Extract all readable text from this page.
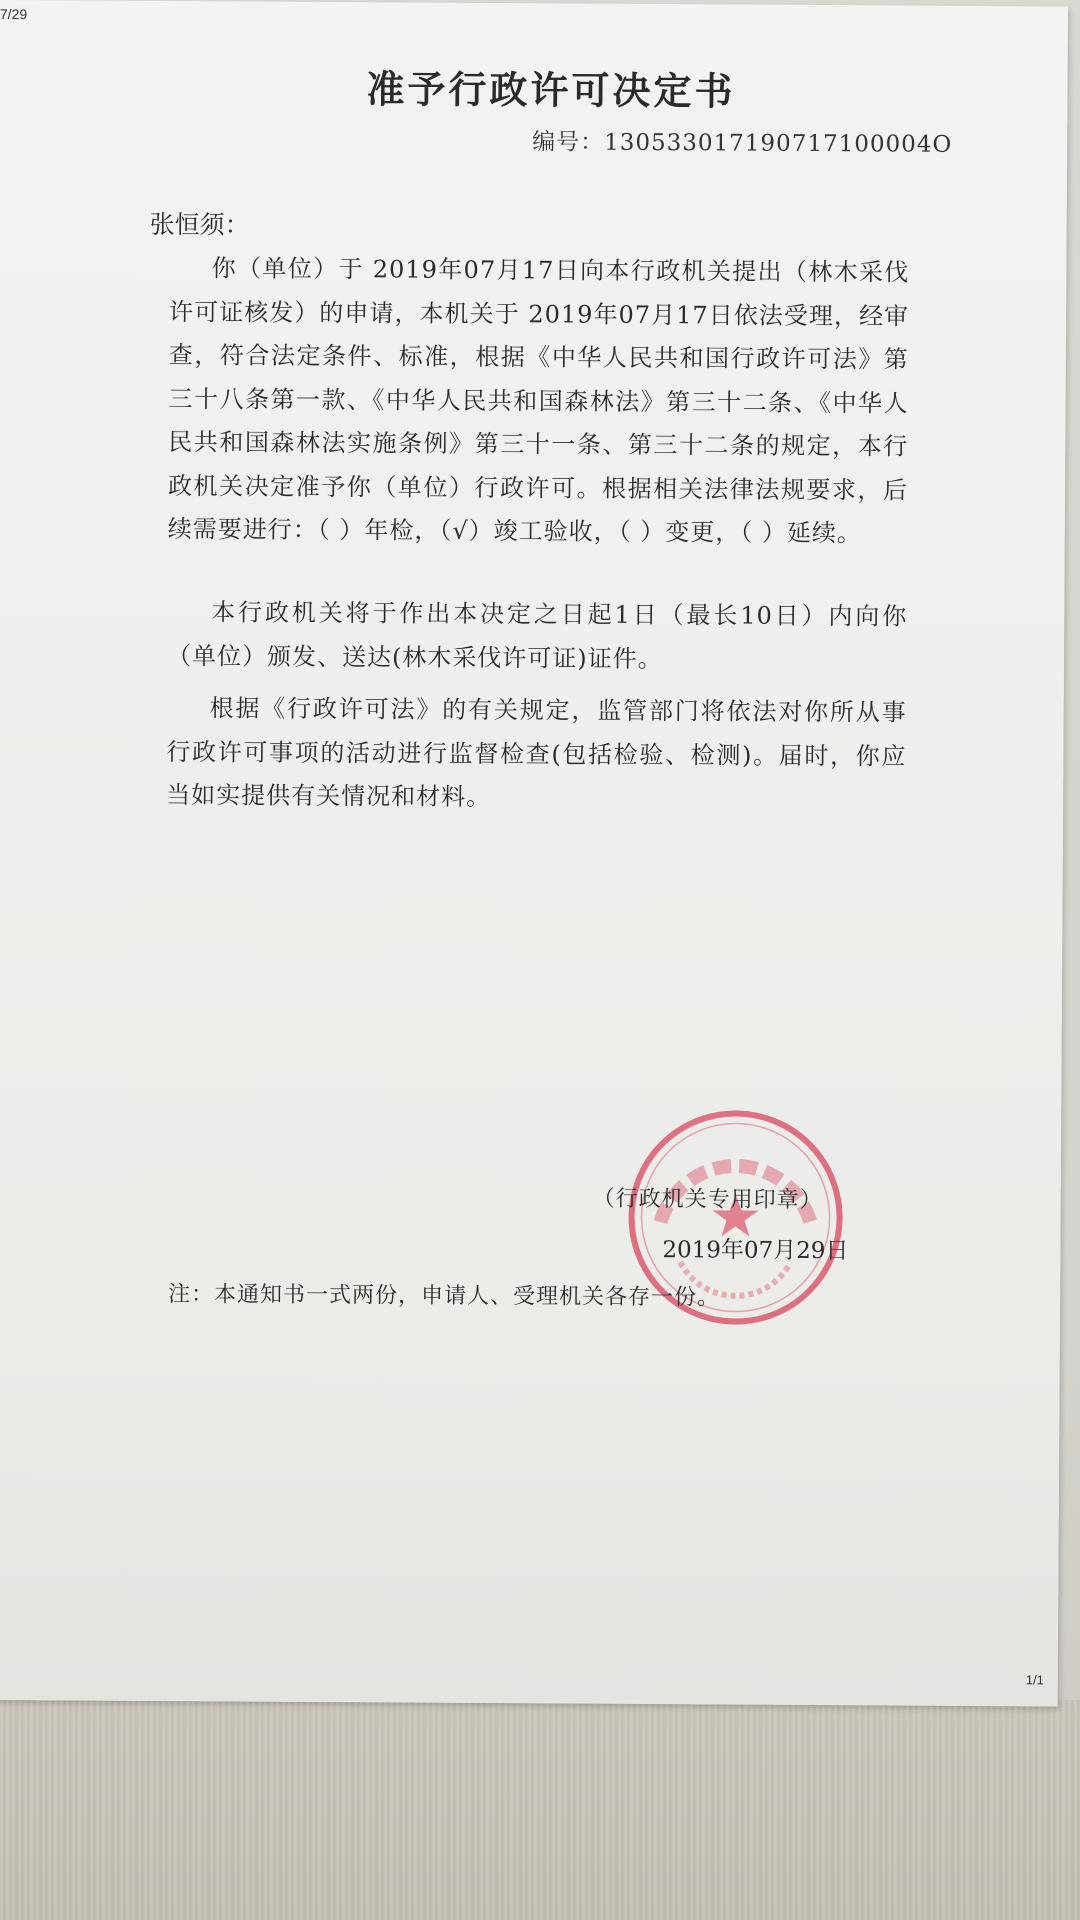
7/29
准予行政许可决定书
编号：130533017190717100004O
张恒须：

你（单位）于 2019年07月17日向本行政机关提出（林木采伐许可证核发）的申请，本机关于 2019年07月17日依法受理，经审查，符合法定条件、标准，根据《中华人民共和国行政许可法》第三十八条第一款、《中华人民共和国森林法》第三十二条、《中华人民共和国森林法实施条例》第三十一条、第三十二条的规定，本行政机关决定准予你（单位）行政许可。根据相关法律法规要求，后续需要进行：（ ）年检，（√）竣工验收，（ ）变更，（ ）延续。

本行政机关将于作出本决定之日起1日（最长10日）内向你（单位）颁发、送达(林木采伐许可证)证件。

根据《行政许可法》的有关规定，监管部门将依法对你所从事行政许可事项的活动进行监督检查(包括检验、检测)。届时，你应当如实提供有关情况和材料。

（行政机关专用印章）
2019年07月29日
注：本通知书一式两份，申请人、受理机关各存一份。
1/1
